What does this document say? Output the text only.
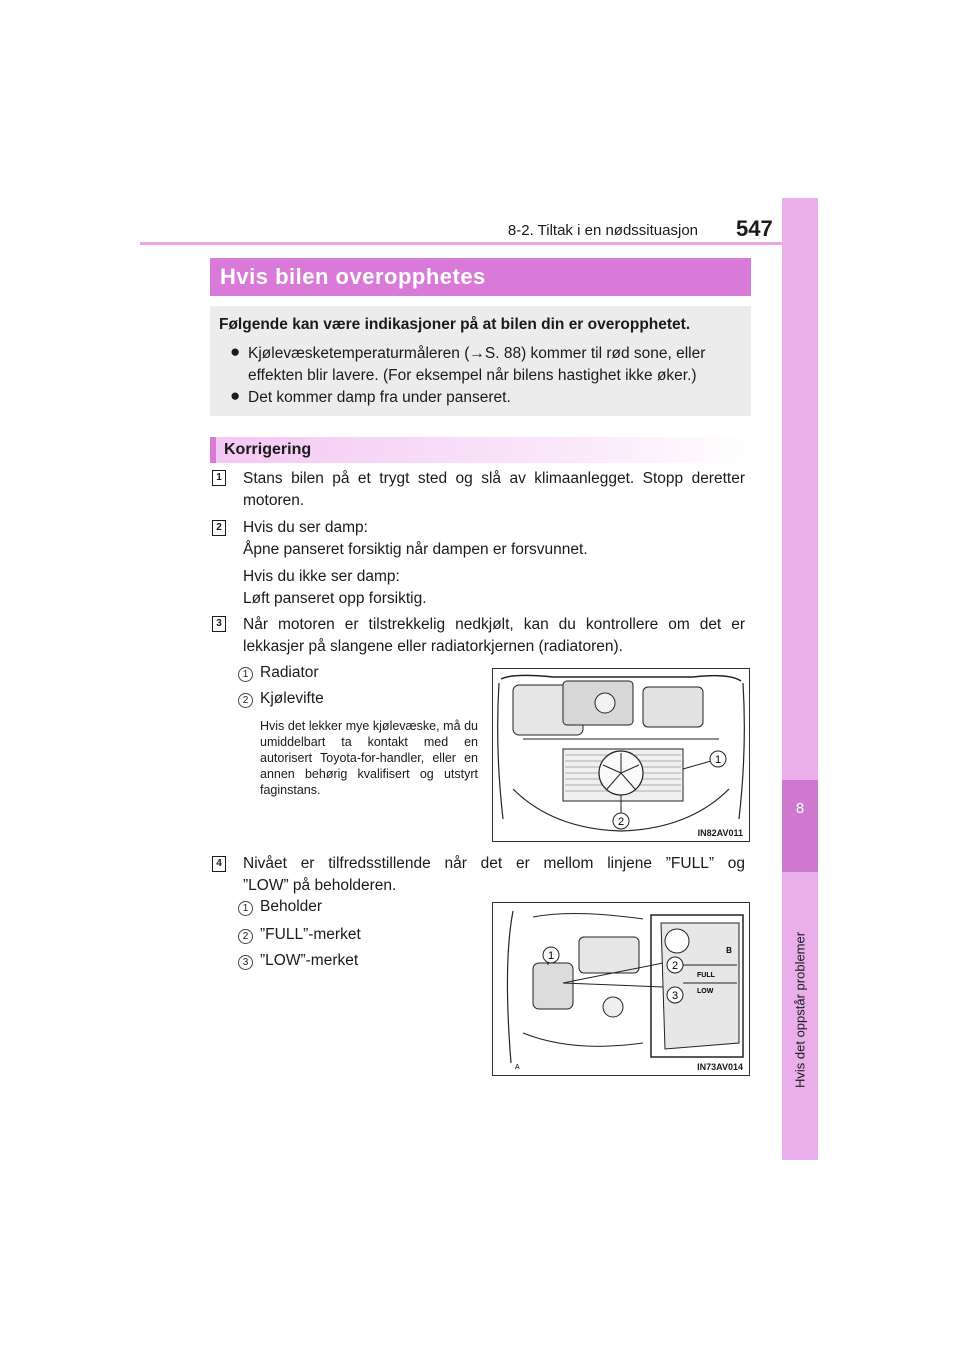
8-2. Tiltak i en nødssituasjon 547
8
Hvis det oppstår problemer
Hvis bilen overopphetes
Følgende kan være indikasjoner på at bilen din er overopphetet.
● Kjølevæsketemperaturmåleren (→S. 88) kommer til rød sone, eller
effekten blir lavere. (For eksempel når bilens hastighet ikke øker.)
● Det kommer damp fra under panseret.
Korrigering
1 Stans bilen på et trygt sted og slå av klimaanlegget. Stopp deretter
motoren.
2 Hvis du ser damp:
Åpne panseret forsiktig når dampen er forsvunnet.
Hvis du ikke ser damp:
Løft panseret opp forsiktig.
3 Når motoren er tilstrekkelig nedkjølt, kan du kontrollere om det er
lekkasjer på slangene eller radiatorkjernen (radiatoren).
1 Radiator
2 Kjølevifte
Hvis det lekker mye kjølevæske, må du umiddelbart ta kontakt med en autorisert Toyota-for-handler, eller en annen behørig kvalifisert og utstyrt faginstans.
1
2
IN82AV011
4 Nivået er tilfredsstillende når det er mellom linjene ”FULL” og
”LOW” på beholderen.
1 Beholder
2 ”FULL”-merket
3 ”LOW”-merket
B
FULL
LOW
1
2
3
A	IN73AV014
